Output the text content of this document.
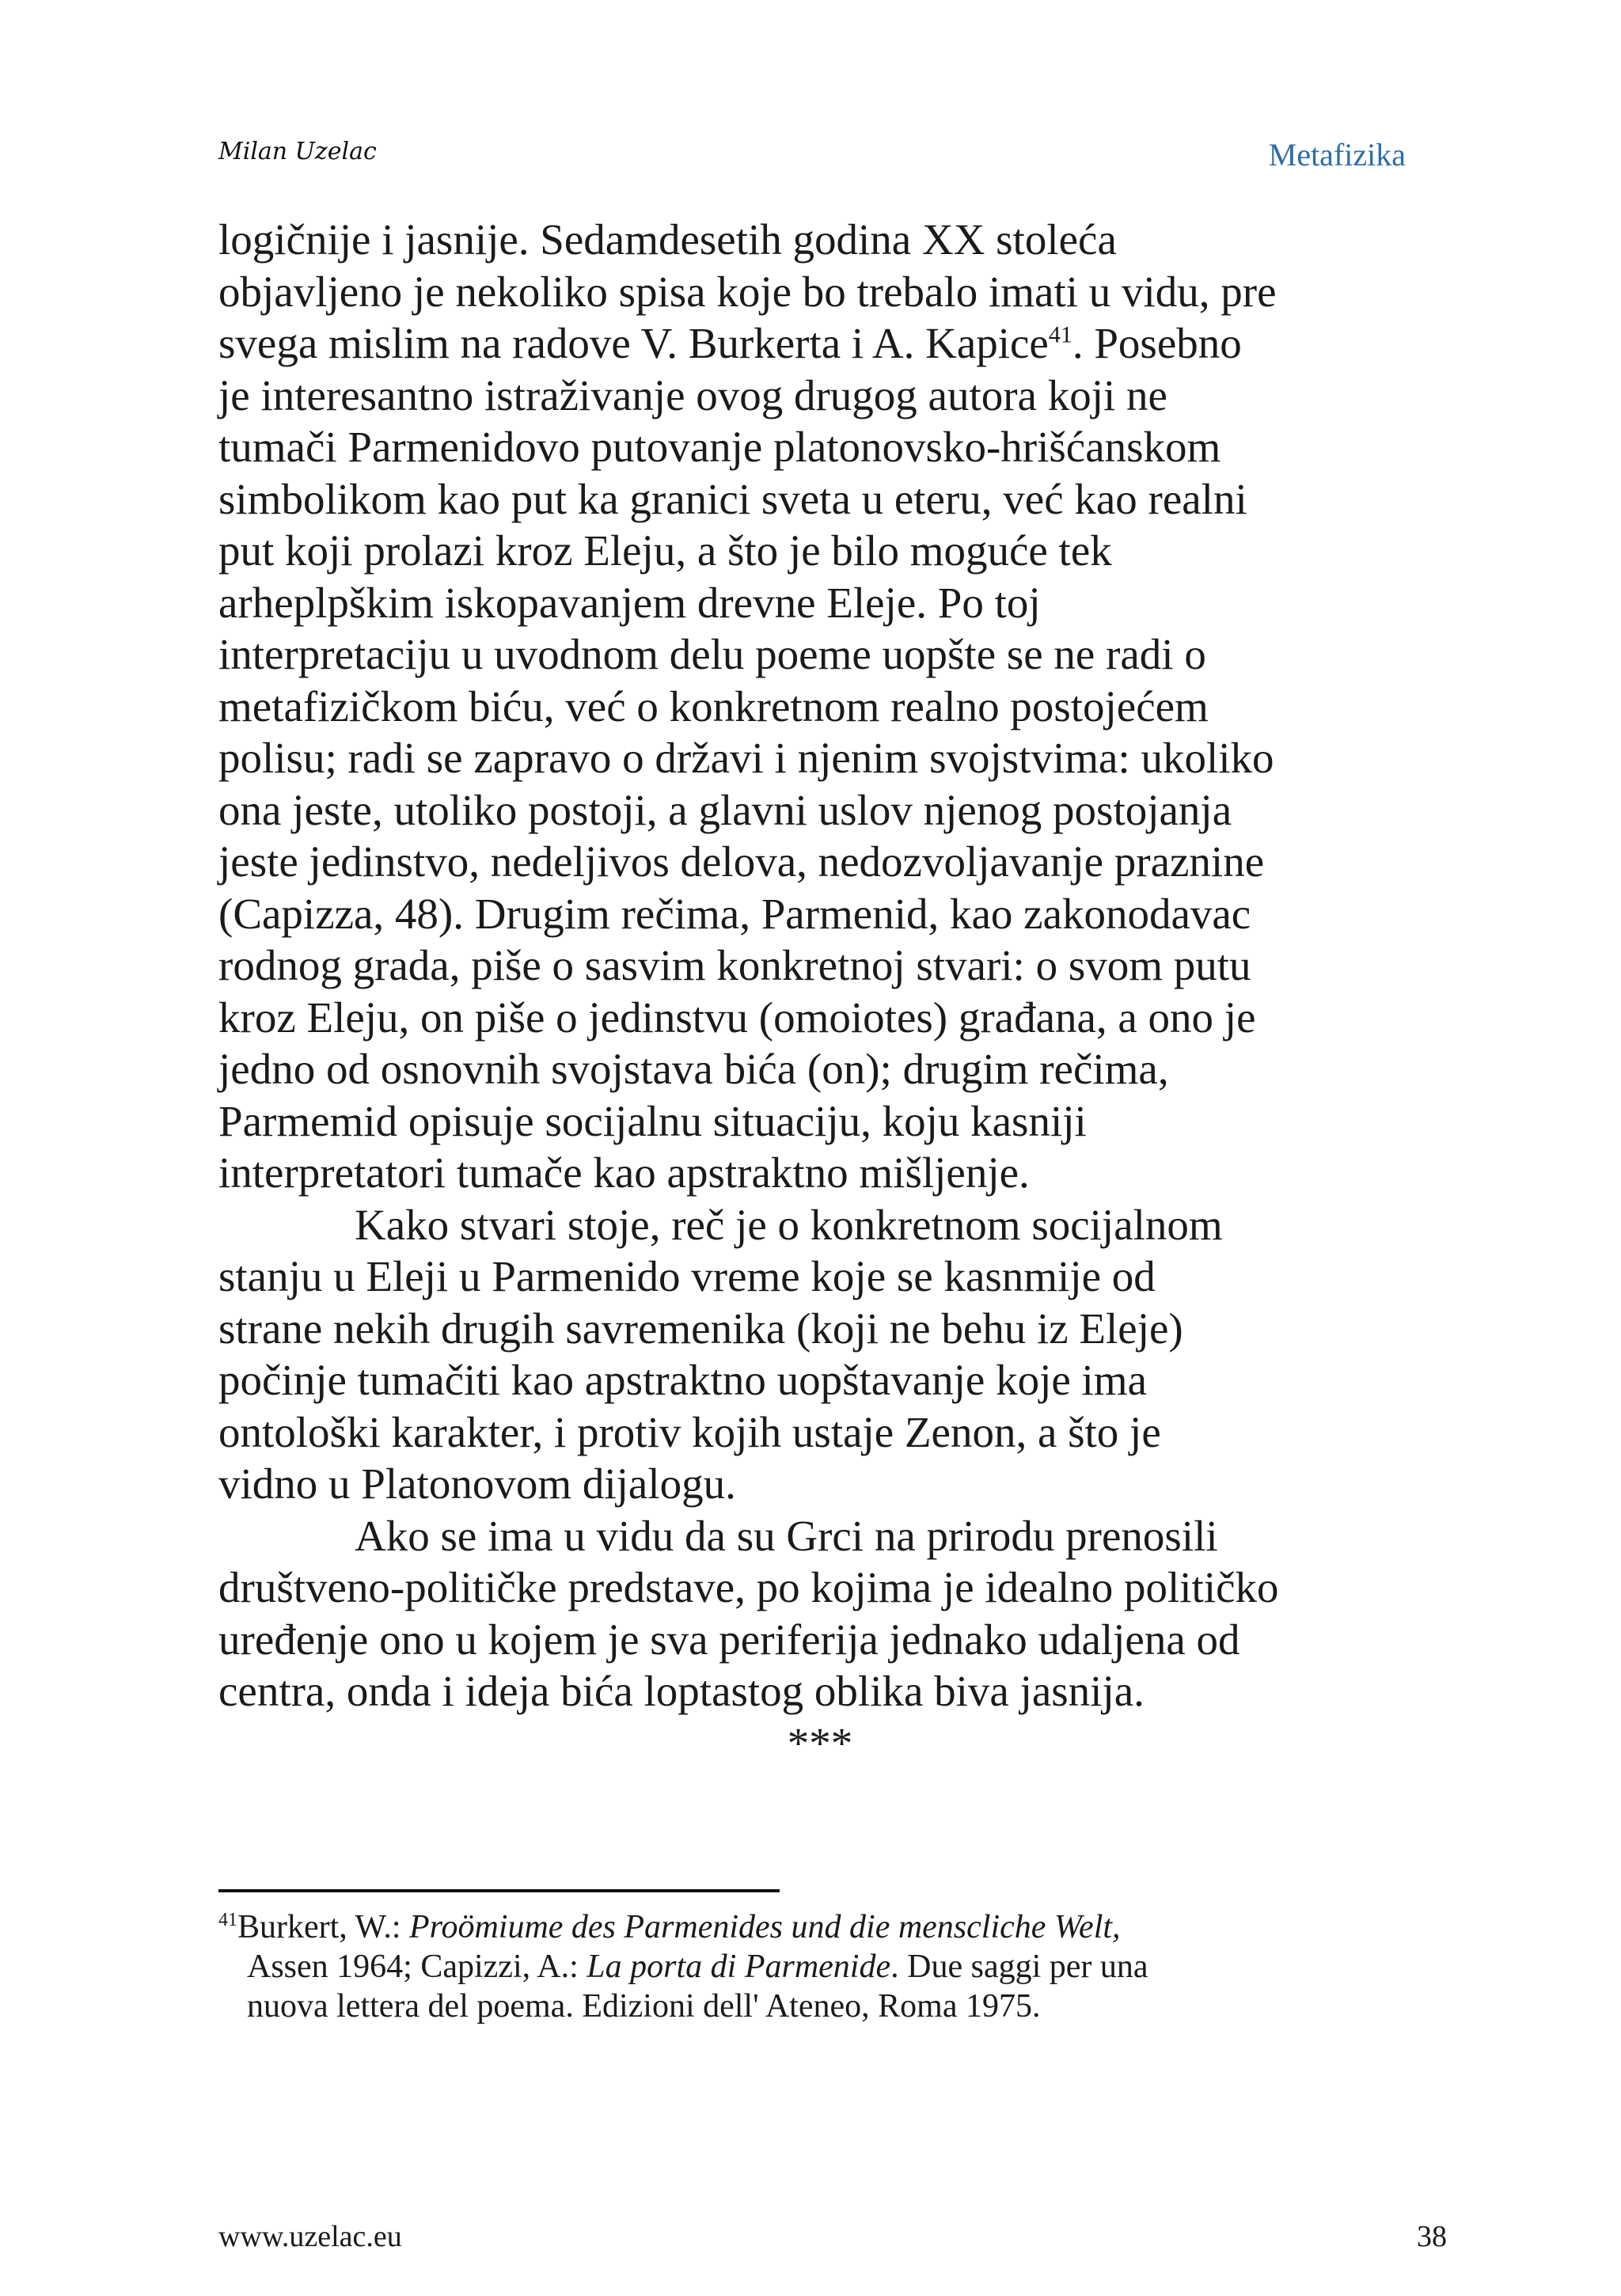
Milan Uzelac	Metafizika
logičnije i jasnije. Sedamdesetih godina XX stoleća
objavljeno je nekoliko spisa koje bo trebalo imati u vidu, pre
svega mislim na radove V. Burkerta i A. Kapice$^{41}$. Posebno
je interesantno istraživanje ovog drugog autora koji ne
tumači Parmenidovo putovanje platonovsko-hrišćanskom
simbolikom kao put ka granici sveta u eteru, već kao realni
put koji prolazi kroz Eleju, a što je bilo moguće tek
arheplpškim iskopavanjem drevne Eleje. Po toj
interpretaciju u uvodnom delu poeme uopšte se ne radi o
metafizičkom biću, već o konkretnom realno postojećem
polisu; radi se zapravo o državi i njenim svojstvima: ukoliko
ona jeste, utoliko postoji, a glavni uslov njenog postojanja
jeste jedinstvo, nedeljivos delova, nedozvoljavanje praznine
(Capizza, 48). Drugim rečima, Parmenid, kao zakonodavac
rodnog grada, piše o sasvim konkretnoj stvari: o svom putu
kroz Eleju, on piše o jedinstvu (omoiotes) građana, a ono je
jedno od osnovnih svojstava bića (on); drugim rečima,
Parmemid opisuje socijalnu situaciju, koju kasniji
interpretatori tumače kao apstraktno mišljenje.
Kako stvari stoje, reč je o konkretnom socijalnom
stanju u Eleji u Parmenido vreme koje se kasnmije od
strane nekih drugih savremenika (koji ne behu iz Eleje)
počinje tumačiti kao apstraktno uopštavanje koje ima
ontološki karakter, i protiv kojih ustaje Zenon, a što je
vidno u Platonovom dijalogu.
Ako se ima u vidu da su Grci na prirodu prenosili
društveno-političke predstave, po kojima je idealno političko
uređenje ono u kojem je sva periferija jednako udaljena od
centra, onda i ideja bića loptastog oblika biva jasnija.
***
$^{41}$Burkert, W.: Proömiume des Parmenides und die menscliche Welt,
Assen 1964; Capizzi, A.: La porta di Parmenide. Due saggi per una
nuova lettera del poema. Edizioni dell' Ateneo, Roma 1975.
www.uzelac.eu	38
